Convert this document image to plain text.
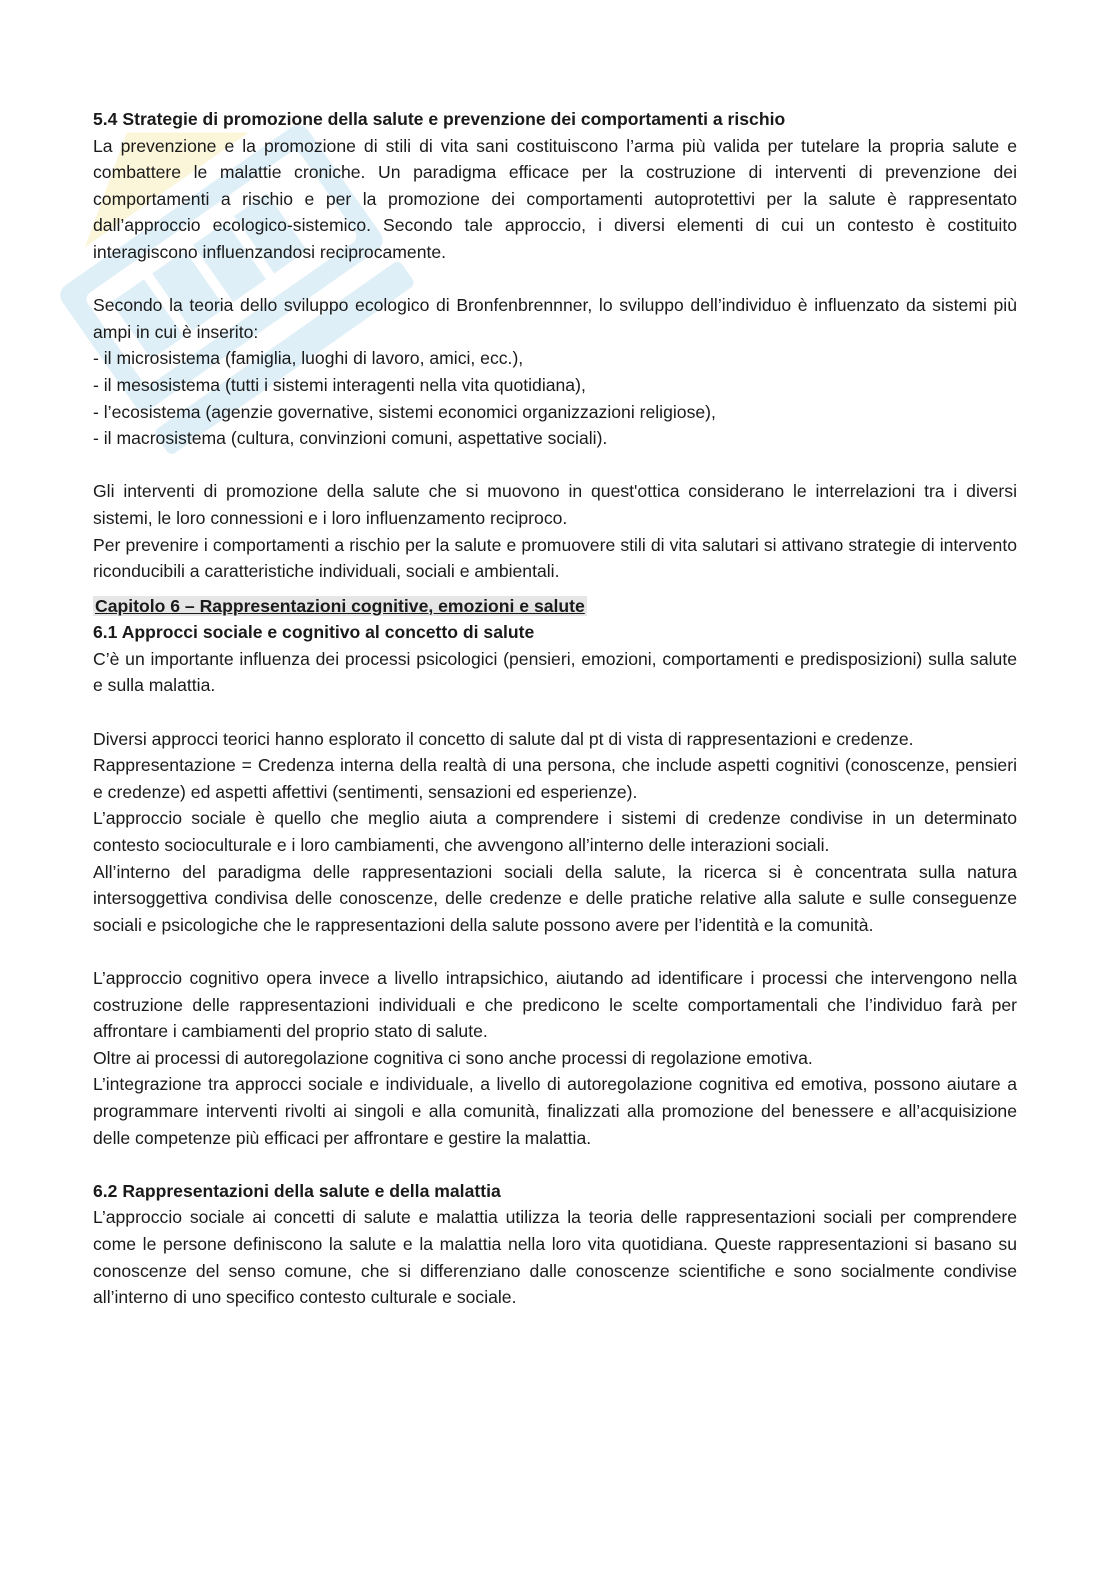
5.4 Strategie di promozione della salute e prevenzione dei comportamenti a rischio

La prevenzione e la promozione di stili di vita sani costituiscono l’arma più valida per tutelare la propria salute e combattere le malattie croniche. Un paradigma efficace per la costruzione di interventi di prevenzione dei comportamenti a rischio e per la promozione dei comportamenti autoprotettivi per la salute è rappresentato dall’approccio ecologico-sistemico. Secondo tale approccio, i diversi elementi di cui un contesto è costituito interagiscono influenzandosi reciprocamente.

Secondo la teoria dello sviluppo ecologico di Bronfenbrennner, lo sviluppo dell’individuo è influenzato da sistemi più ampi in cui è inserito:

- il microsistema (famiglia, luoghi di lavoro, amici, ecc.),

- il mesosistema (tutti i sistemi interagenti nella vita quotidiana),

- l’ecosistema (agenzie governative, sistemi economici organizzazioni religiose),

- il macrosistema (cultura, convinzioni comuni, aspettative sociali).

Gli interventi di promozione della salute che si muovono in quest'ottica considerano le interrelazioni tra i diversi sistemi, le loro connessioni e i loro influenzamento reciproco.

Per prevenire i comportamenti a rischio per la salute e promuovere stili di vita salutari si attivano strategie di intervento riconducibili a caratteristiche individuali, sociali e ambientali.

Capitolo 6 – Rappresentazioni cognitive, emozioni e salute

6.1 Approcci sociale e cognitivo al concetto di salute

C’è un importante influenza dei processi psicologici (pensieri, emozioni, comportamenti e predisposizioni) sulla salute e sulla malattia.

Diversi approcci teorici hanno esplorato il concetto di salute dal pt di vista di rappresentazioni e credenze.

Rappresentazione = Credenza interna della realtà di una persona, che include aspetti cognitivi (conoscenze, pensieri e credenze) ed aspetti affettivi (sentimenti, sensazioni ed esperienze).

L’approccio sociale è quello che meglio aiuta a comprendere i sistemi di credenze condivise in un determinato contesto socioculturale e i loro cambiamenti, che avvengono all’interno delle interazioni sociali.

All’interno del paradigma delle rappresentazioni sociali della salute, la ricerca si è concentrata sulla natura intersoggettiva condivisa delle conoscenze, delle credenze e delle pratiche relative alla salute e sulle conseguenze sociali e psicologiche che le rappresentazioni della salute possono avere per l’identità e la comunità.

L’approccio cognitivo opera invece a livello intrapsichico, aiutando ad identificare i processi che intervengono nella costruzione delle rappresentazioni individuali e che predicono le scelte comportamentali che l’individuo farà per affrontare i cambiamenti del proprio stato di salute.

Oltre ai processi di autoregolazione cognitiva ci sono anche processi di regolazione emotiva.

L’integrazione tra approcci sociale e individuale, a livello di autoregolazione cognitiva ed emotiva, possono aiutare a programmare interventi rivolti ai singoli e alla comunità, finalizzati alla promozione del benessere e all’acquisizione delle competenze più efficaci per affrontare e gestire la malattia.

6.2 Rappresentazioni della salute e della malattia

L’approccio sociale ai concetti di salute e malattia utilizza la teoria delle rappresentazioni sociali per comprendere come le persone definiscono la salute e la malattia nella loro vita quotidiana. Queste rappresentazioni si basano su conoscenze del senso comune, che si differenziano dalle conoscenze scientifiche e sono socialmente condivise all’interno di uno specifico contesto culturale e sociale.
